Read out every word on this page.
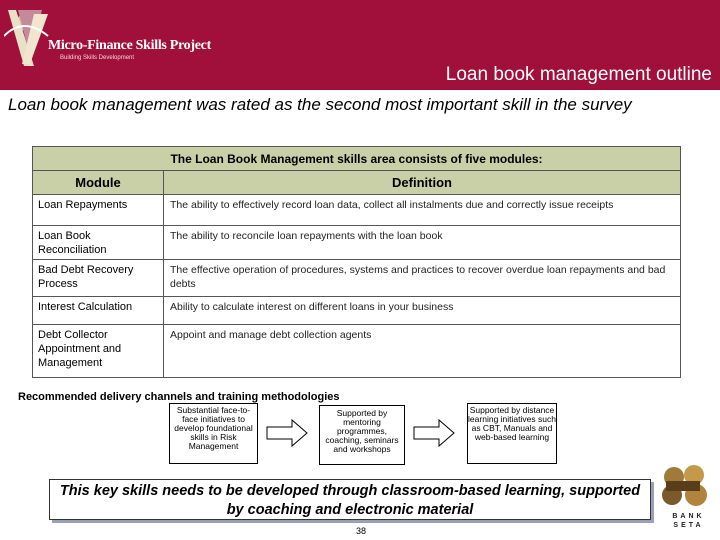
Micro-Finance Skills Project
Building Skills Development
Loan book management outline
Loan book management was rated as the second most important skill in the survey
The Loan Book Management skills area consists of five modules:	
Module	Definition
Loan Repayments	The ability to effectively record loan data, collect all instalments due and correctly issue receipts
Loan Book Reconciliation	The ability to reconcile loan repayments with the loan book
Bad Debt Recovery Process	The effective operation of procedures, systems and practices to recover overdue loan repayments and bad debts
Interest Calculation	Ability to calculate interest on different loans in your business
Debt Collector Appointment and Management	Appoint and manage debt collection agents
Recommended delivery channels and training methodologies
Substantial face-to-face initiatives to develop foundational skills in Risk Management
Supported by mentoring programmes, coaching, seminars and workshops
Supported by distance learning initiatives such as CBT, Manuals and web-based learning
This key skills needs to be developed through classroom-based learning, supported by coaching and electronic material
38
BANK SETA
